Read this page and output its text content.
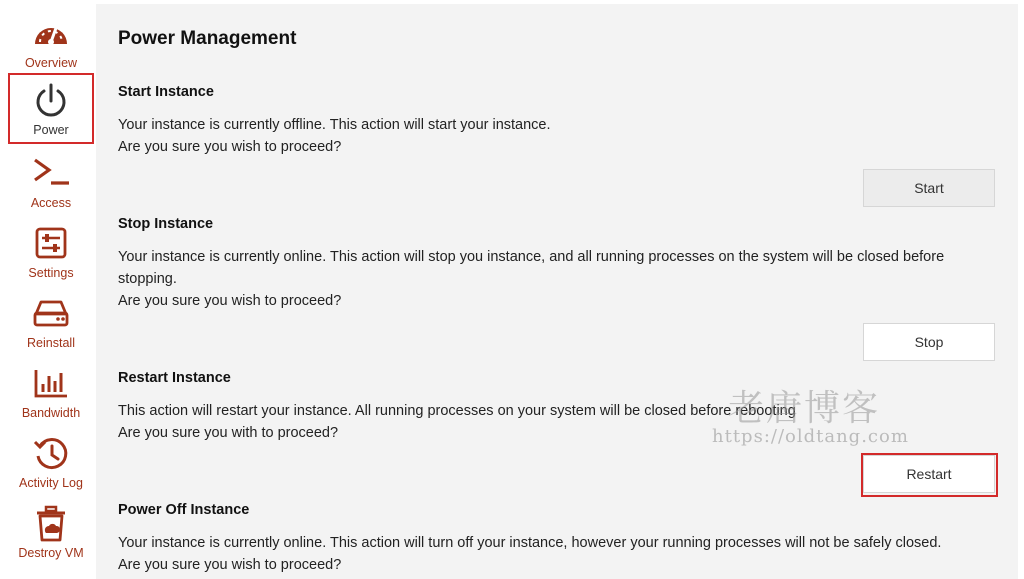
Overview
Power
Access
Settings
Reinstall
Bandwidth
Activity Log
Destroy VM
Power Management
Start Instance
Your instance is currently offline. This action will start your instance.
Are you sure you wish to proceed?
Start
Stop Instance
Your instance is currently online. This action will stop you instance, and all running processes on the system will be closed before
stopping.
Are you sure you wish to proceed?
Stop
Restart Instance
This action will restart your instance. All running processes on your system will be closed before rebooting
Are you sure you with to proceed?
Restart
Power Off Instance
Your instance is currently online. This action will turn off your instance, however your running processes will not be safely closed.
Are you sure you wish to proceed?
老唐博客
https://oldtang.com
